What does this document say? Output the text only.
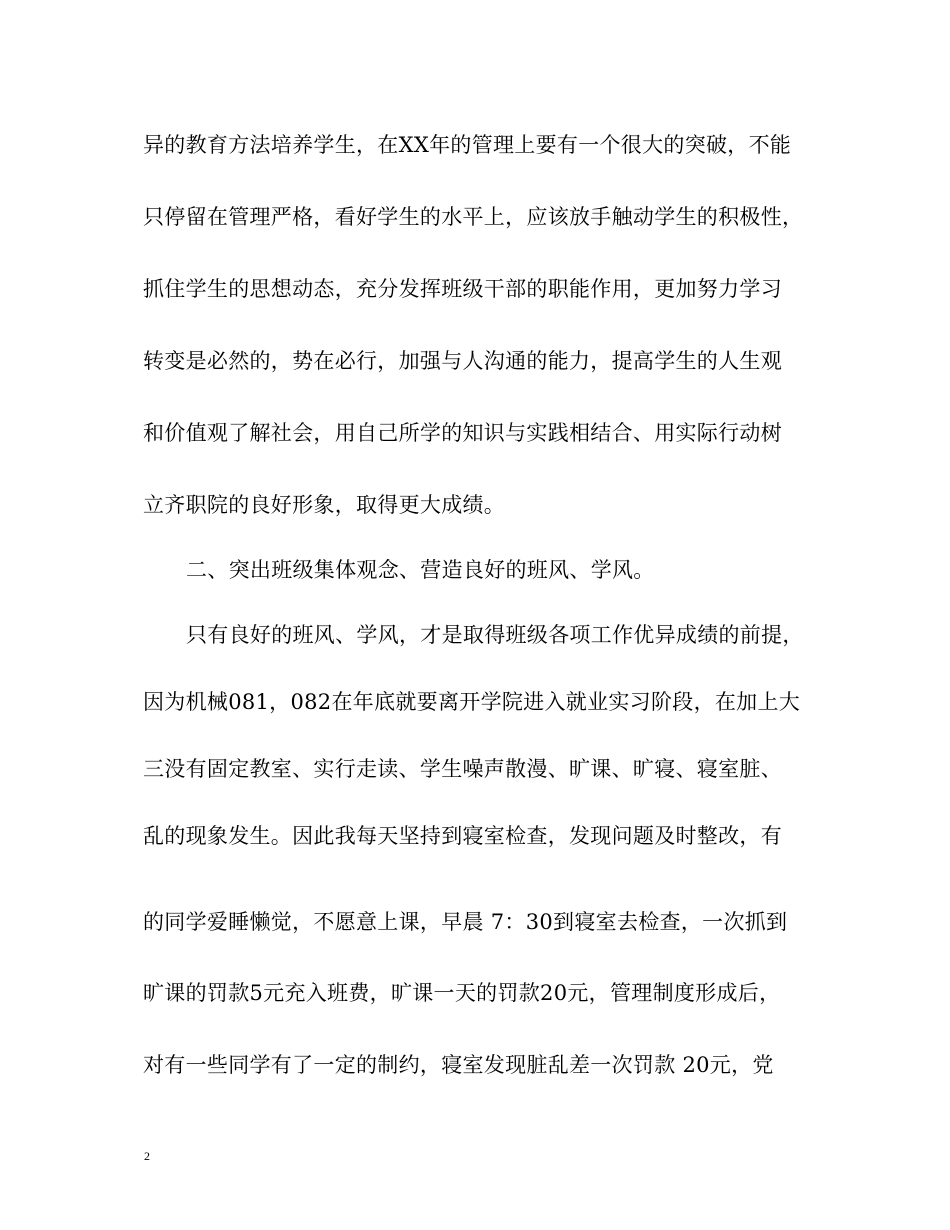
异的教育方法培养学生，在XX年的管理上要有一个很大的突破，不能
只停留在管理严格，看好学生的水平上，应该放手触动学生的积极性，
抓住学生的思想动态，充分发挥班级干部的职能作用，更加努力学习
转变是必然的，势在必行，加强与人沟通的能力，提高学生的人生观
和价值观了解社会，用自己所学的知识与实践相结合、用实际行动树
立齐职院的良好形象，取得更大成绩。
二、突出班级集体观念、营造良好的班风、学风。
只有良好的班风、学风，才是取得班级各项工作优异成绩的前提，
因为机械081，082在年底就要离开学院进入就业实习阶段，在加上大
三没有固定教室、实行走读、学生噪声散漫、旷课、旷寝、寝室脏、
乱的现象发生。因此我每天坚持到寝室检查，发现问题及时整改，有
的同学爱睡懒觉，不愿意上课，早晨 7：30到寝室去检查，一次抓到
旷课的罚款5元充入班费，旷课一天的罚款20元，管理制度形成后，
对有一些同学有了一定的制约，寝室发现脏乱差一次罚款 20元，党
2
